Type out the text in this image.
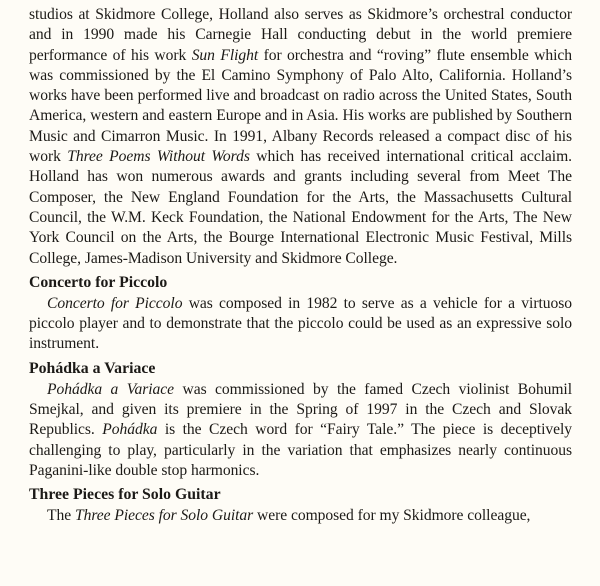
studios at Skidmore College, Holland also serves as Skidmore’s orchestral conductor and in 1990 made his Carnegie Hall conducting debut in the world premiere performance of his work Sun Flight for orchestra and “roving” flute ensemble which was commissioned by the El Camino Symphony of Palo Alto, California. Holland’s works have been performed live and broadcast on radio across the United States, South America, western and eastern Europe and in Asia. His works are published by Southern Music and Cimarron Music. In 1991, Albany Records released a compact disc of his work Three Poems Without Words which has received international critical acclaim. Holland has won numerous awards and grants including several from Meet The Composer, the New England Foundation for the Arts, the Massachusetts Cultural Council, the W.M. Keck Foundation, the National Endowment for the Arts, The New York Council on the Arts, the Bourge International Electronic Music Festival, Mills College, James-Madison University and Skidmore College.

Concerto for Piccolo

Concerto for Piccolo was composed in 1982 to serve as a vehicle for a virtuoso piccolo player and to demonstrate that the piccolo could be used as an expressive solo instrument.

Pohádka a Variace

Pohádka a Variace was commissioned by the famed Czech violinist Bohumil Smejkal, and given its premiere in the Spring of 1997 in the Czech and Slovak Republics. Pohádka is the Czech word for “Fairy Tale.” The piece is deceptively challenging to play, particularly in the variation that emphasizes nearly continuous Paganini-like double stop harmonics.

Three Pieces for Solo Guitar

The Three Pieces for Solo Guitar were composed for my Skidmore colleague,
